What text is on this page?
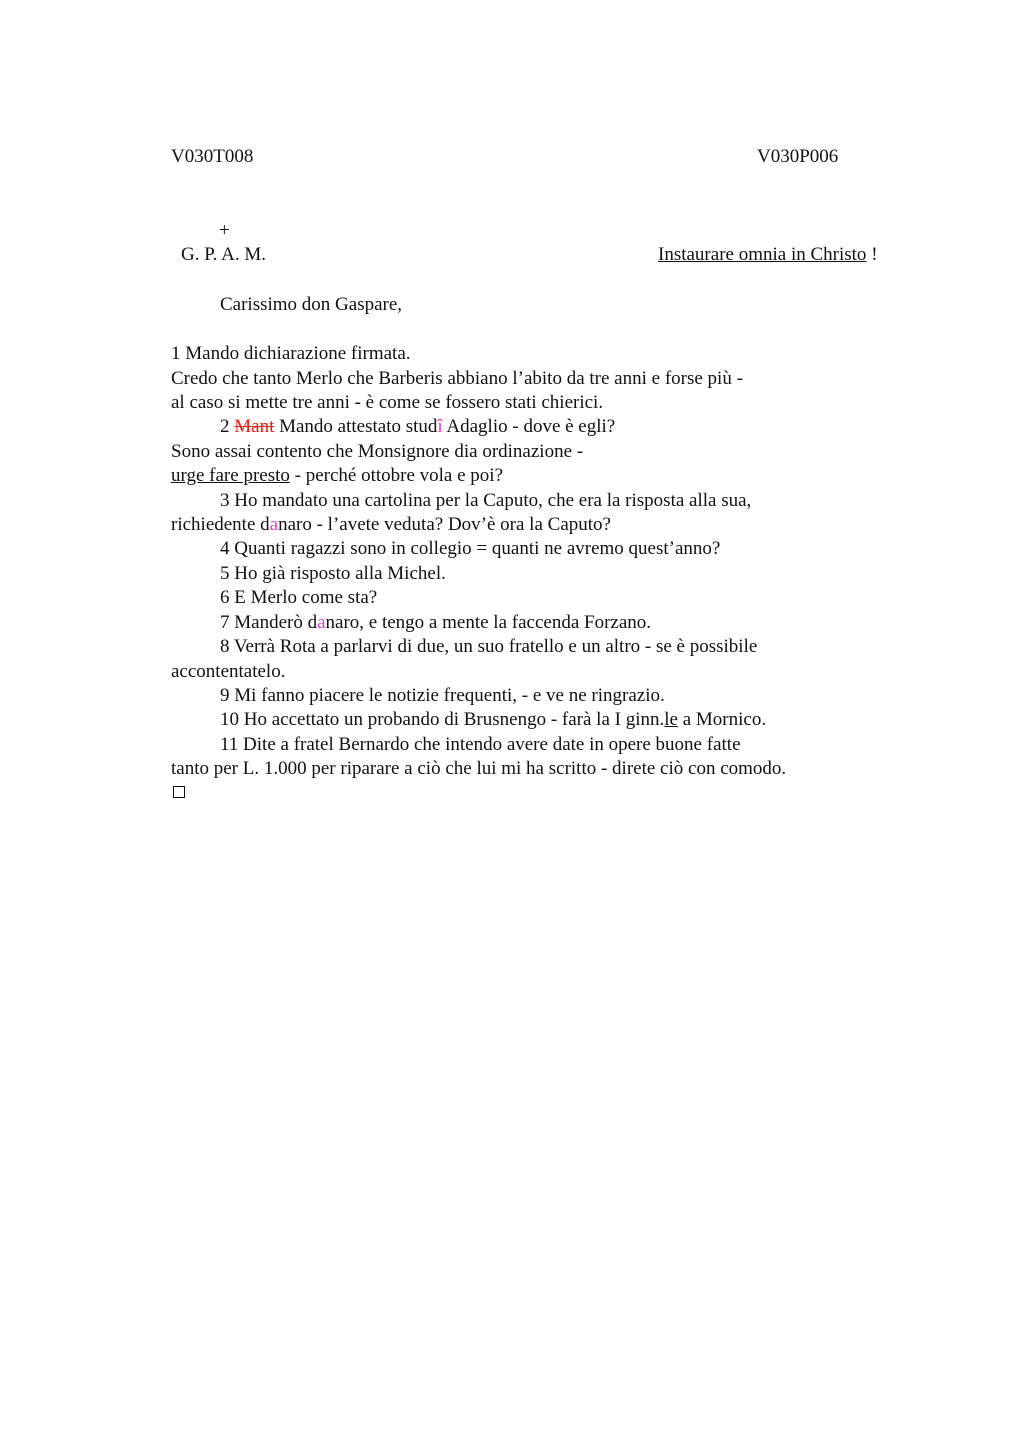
V030T008	V030P006
+
G. P. A. M.	Instaurare omnia in Christo !
Carissimo don Gaspare,
1 Mando dichiarazione firmata.
Credo che tanto Merlo che Barberis abbiano l’abito da tre anni e forse più -
al caso si mette tre anni - è come se fossero stati chierici.
2 Mant Mando attestato studî Adaglio - dove è egli?
Sono assai contento che Monsignore dia ordinazione -
urge fare presto - perché ottobre vola e poi?
3 Ho mandato una cartolina per la Caputo, che era la risposta alla sua,
richiedente danaro - l’avete veduta? Dov’è ora la Caputo?
4 Quanti ragazzi sono in collegio = quanti ne avremo quest’anno?
5 Ho già risposto alla Michel.
6 E Merlo come sta?
7 Manderò danaro, e tengo a mente la faccenda Forzano.
8 Verrà Rota a parlarvi di due, un suo fratello e un altro - se è possibile
accontentatelo.
9 Mi fanno piacere le notizie frequenti, - e ve ne ringrazio.
10 Ho accettato un probando di Brusnengo - farà la I ginn.le a Mornico.
11 Dite a fratel Bernardo che intendo avere date in opere buone fatte
tanto per L. 1.000 per riparare a ciò che lui mi ha scritto - direte ciò con comodo.
